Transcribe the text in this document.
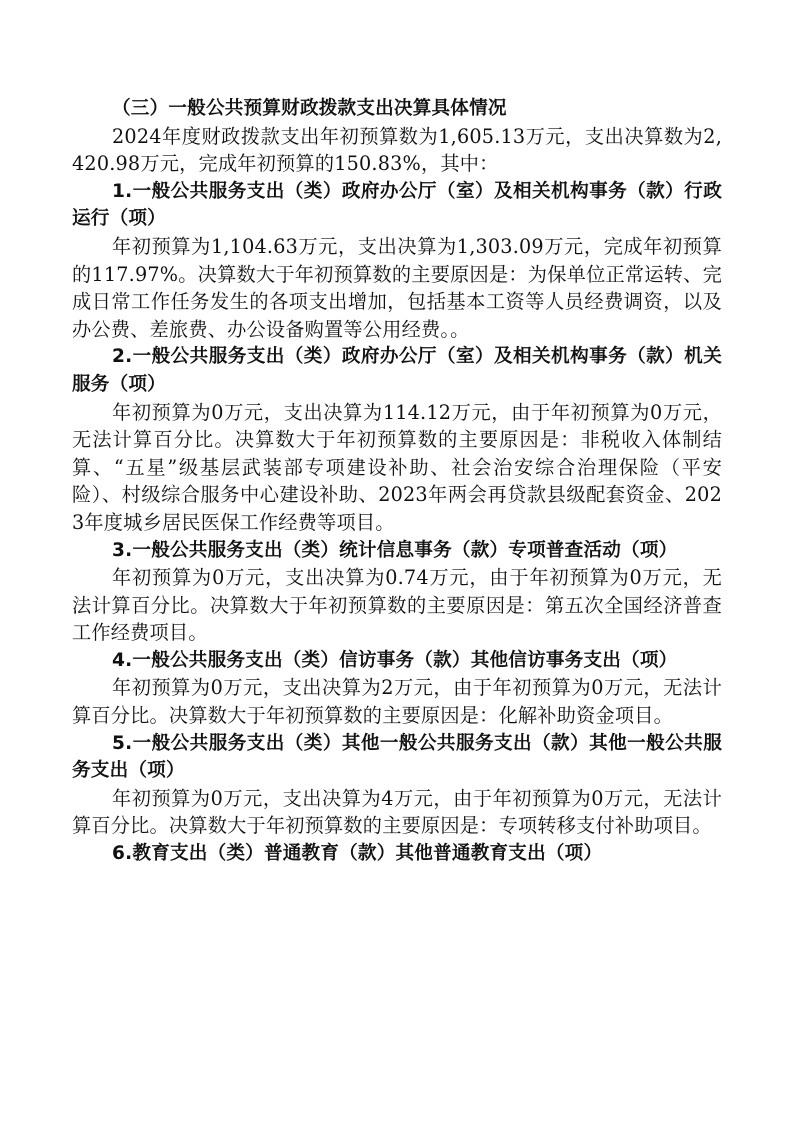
（三）一般公共预算财政拨款支出决算具体情况

2024年度财政拨款支出年初预算数为1,605.13万元，支出决算数为2,420.98万元，完成年初预算的150.83%，其中：

1.一般公共服务支出（类）政府办公厅（室）及相关机构事务（款）行政运行（项）

年初预算为1,104.63万元，支出决算为1,303.09万元，完成年初预算的117.97%。决算数大于年初预算数的主要原因是：为保单位正常运转、完成日常工作任务发生的各项支出增加，包括基本工资等人员经费调资，以及办公费、差旅费、办公设备购置等公用经费。。

2.一般公共服务支出（类）政府办公厅（室）及相关机构事务（款）机关服务（项）

年初预算为0万元，支出决算为114.12万元，由于年初预算为0万元，无法计算百分比。决算数大于年初预算数的主要原因是：非税收入体制结算、“五星”级基层武装部专项建设补助、社会治安综合治理保险（平安险）、村级综合服务中心建设补助、2023年两会再贷款县级配套资金、2023年度城乡居民医保工作经费等项目。

3.一般公共服务支出（类）统计信息事务（款）专项普查活动（项）

年初预算为0万元，支出决算为0.74万元，由于年初预算为0万元，无法计算百分比。决算数大于年初预算数的主要原因是：第五次全国经济普查工作经费项目。

4.一般公共服务支出（类）信访事务（款）其他信访事务支出（项）

年初预算为0万元，支出决算为2万元，由于年初预算为0万元，无法计算百分比。决算数大于年初预算数的主要原因是：化解补助资金项目。

5.一般公共服务支出（类）其他一般公共服务支出（款）其他一般公共服务支出（项）

年初预算为0万元，支出决算为4万元，由于年初预算为0万元，无法计算百分比。决算数大于年初预算数的主要原因是：专项转移支付补助项目。

6.教育支出（类）普通教育（款）其他普通教育支出（项）
